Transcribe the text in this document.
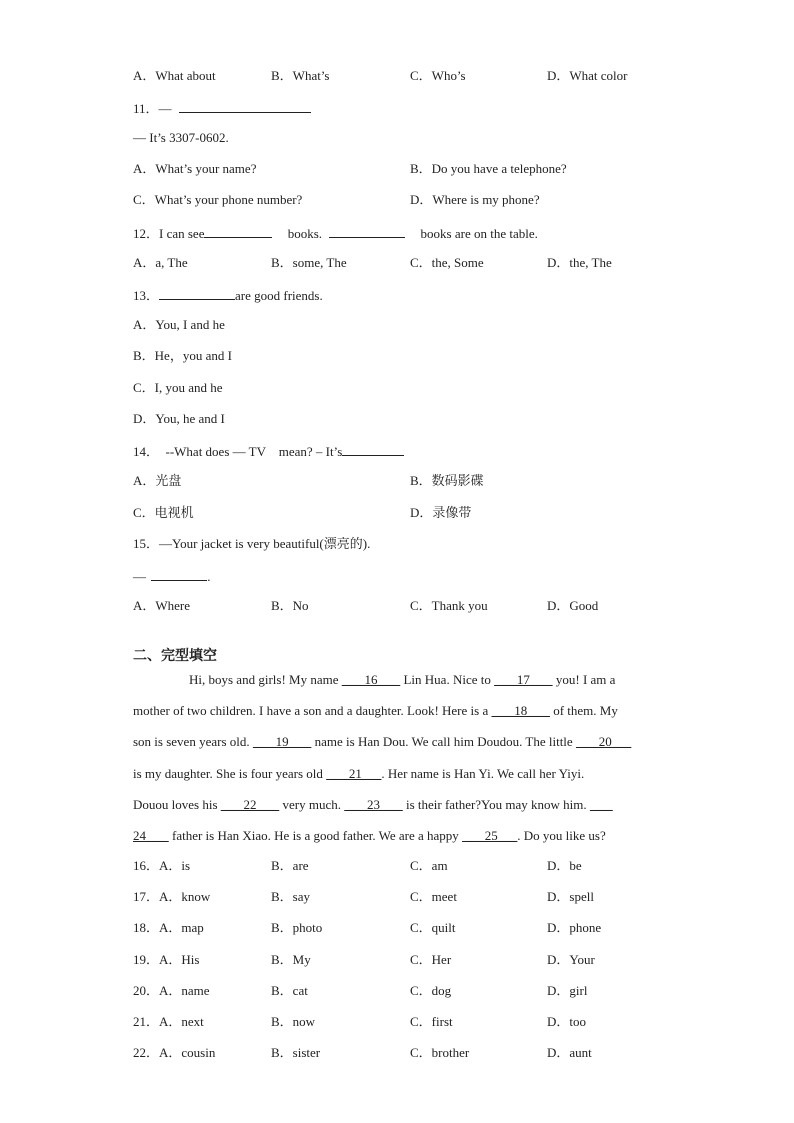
A．What about	B．What’s	C．Who’s	D．What color
11．—
— It’s 3307-0602.
A．What’s your name?	B．Do you have a telephone?
C．What’s your phone number?	D．Where is my phone?
12．I can see	books.	books are on the table.
A．a, The	B．some, The	C．the, Some	D．the, The
13．	are good friends.
A．You, I and he
B．He，you and I
C．I, you and he
D．You, he and I
14．  --What does — TV    mean? – It’s
A．光盘	B．数码影碟
C．电视机	D．录像带
15．—Your jacket is very beautiful(漂亮的).
—	.
A．Where	B．No	C．Thank you	D．Good
二、完型填空

Hi, boys and girls! My name  ___16___  Lin Hua. Nice to  ___17___  you! I am a

mother of two children. I have a son and a daughter. Look! Here is a  ___18___  of them. My

son is seven years old.  ___19___  name is Han Dou. We call him Doudou. The little  ___20___

is my daughter. She is four years old  ___21___. Her name is Han Yi. We call her Yiyi.

Douou loves his  ___22___  very much.  ___23___  is their father?You may know him.  ___

24___  father is Han Xiao. He is a good father. We are a happy  ___25___. Do you like us?

16．A．is	B．are	C．am	D．be
17．A．know	B．say	C．meet	D．spell
18．A．map	B．photo	C．quilt	D．phone
19．A．His	B．My	C．Her	D．Your
20．A．name	B．cat	C．dog	D．girl
21．A．next	B．now	C．first	D．too
22．A．cousin	B．sister	C．brother	D．aunt
